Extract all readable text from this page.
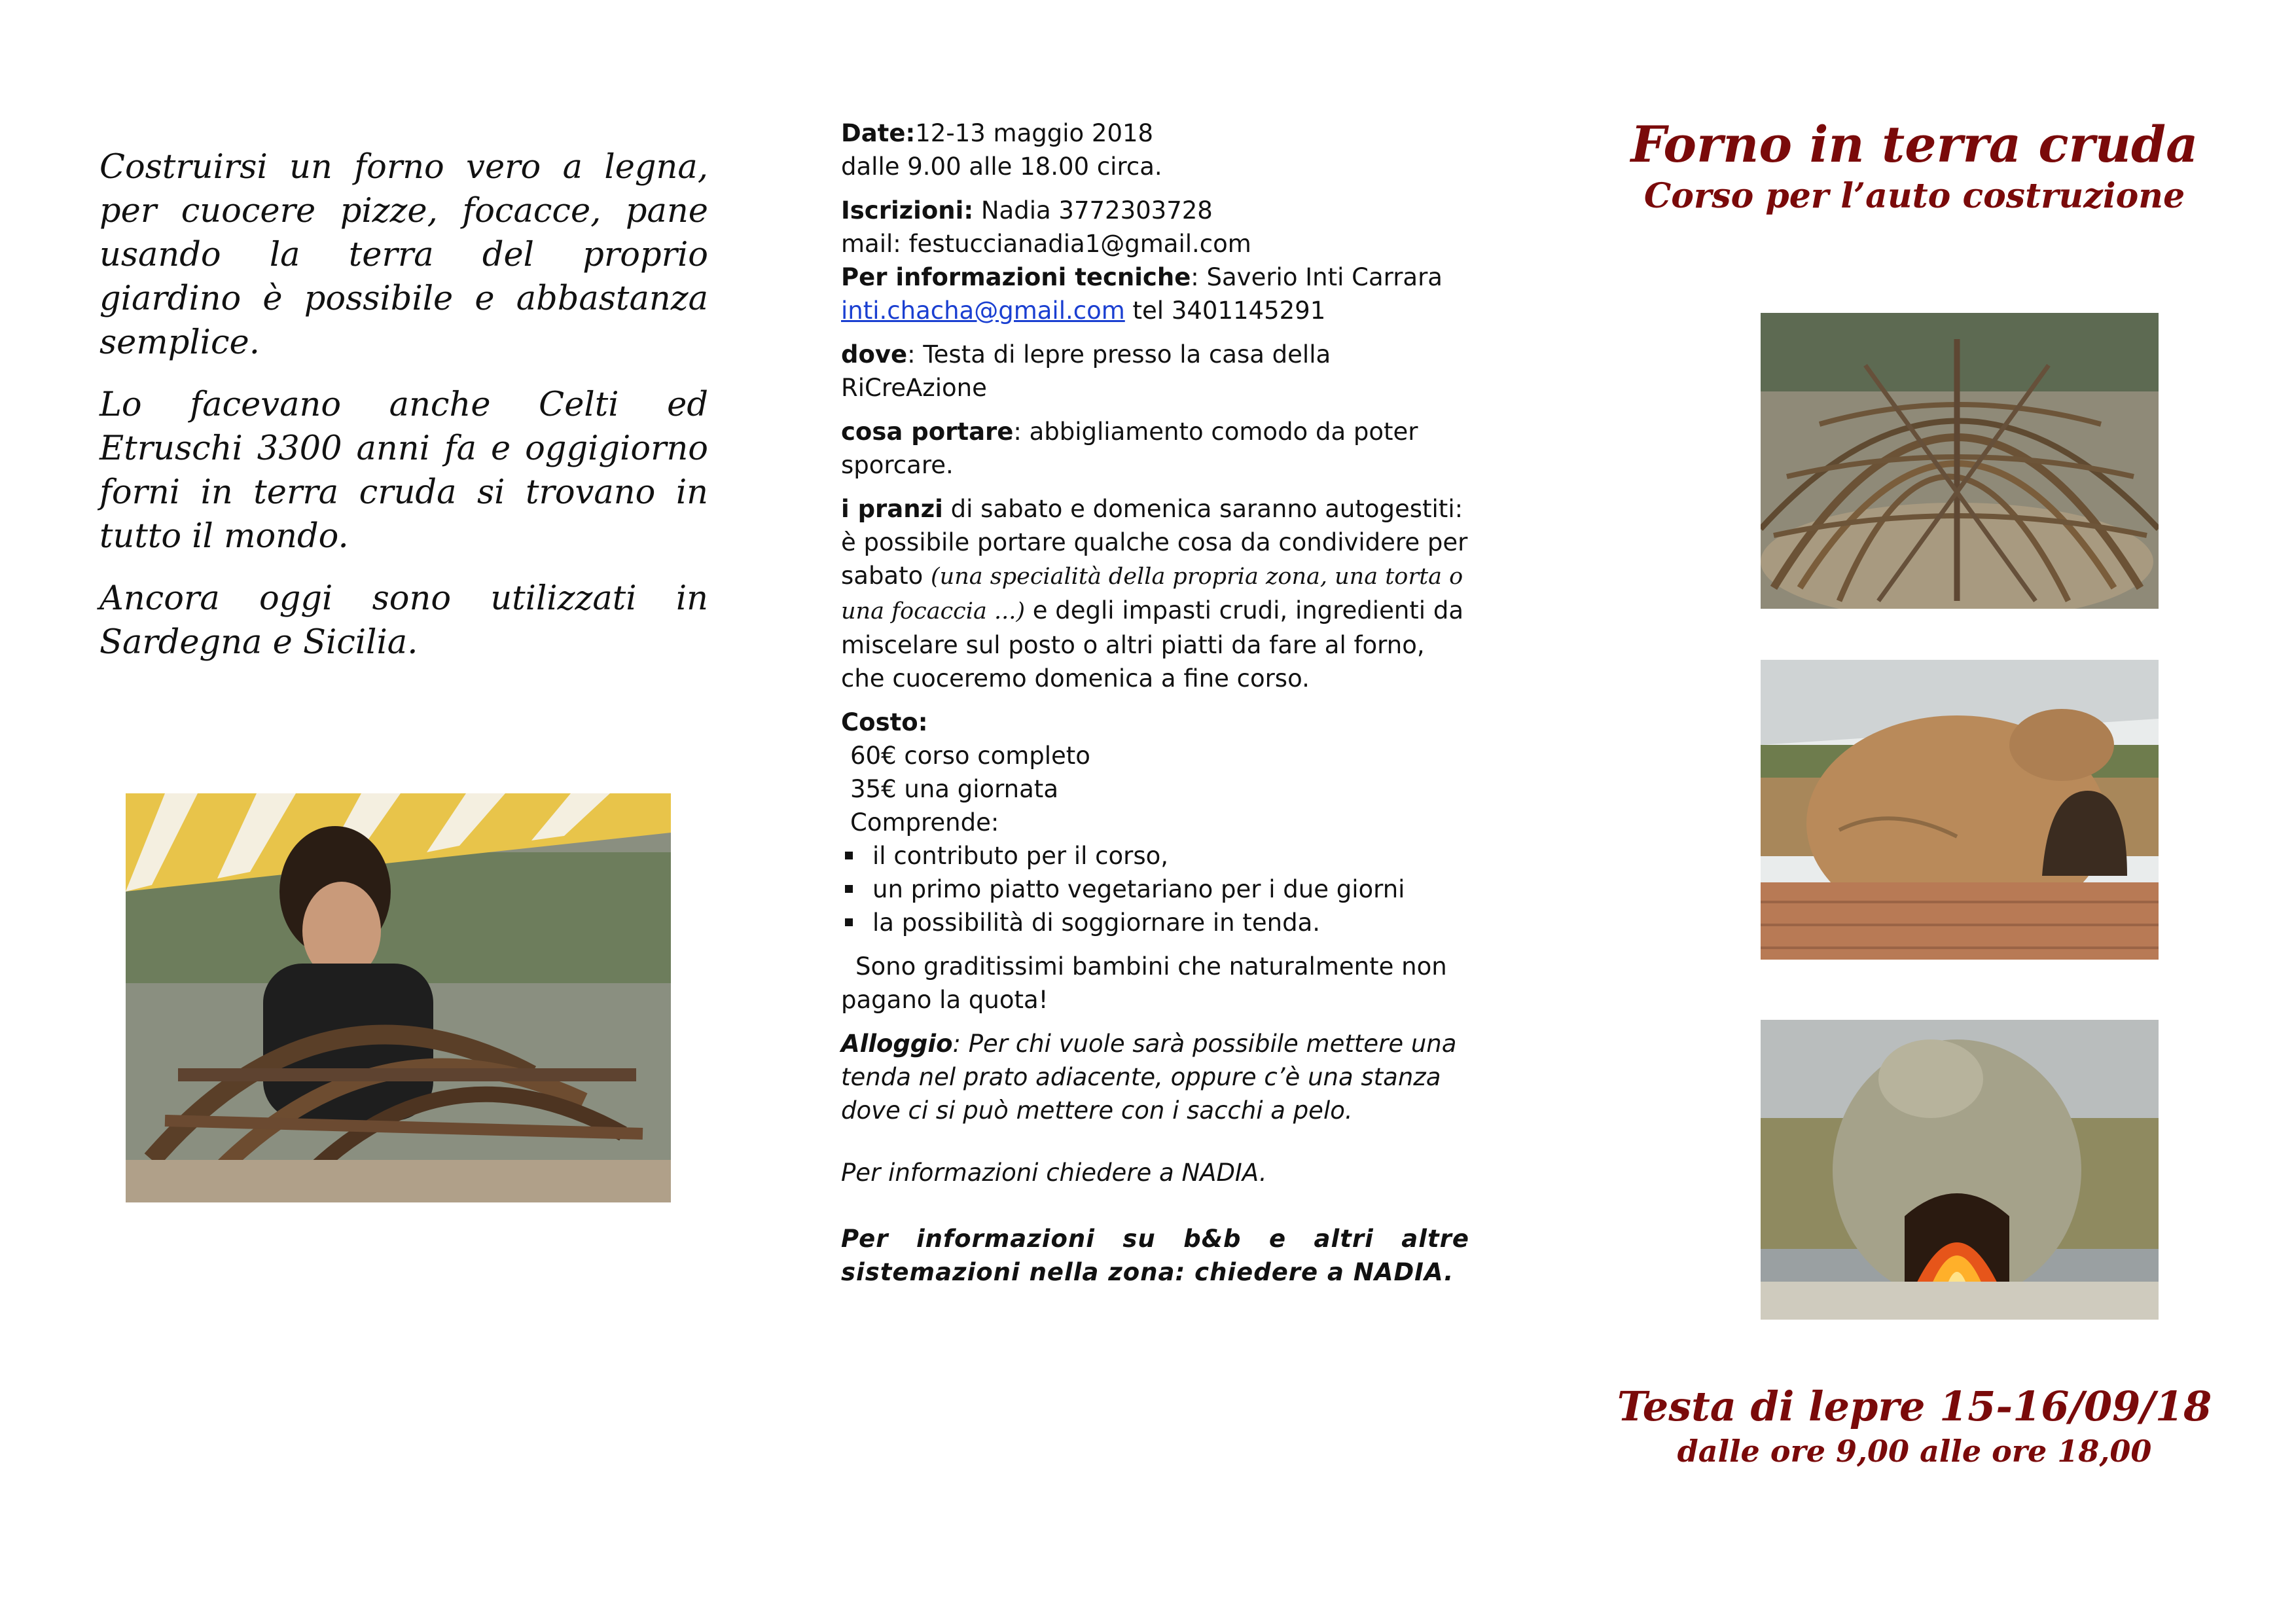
Costruirsi un forno vero a legna, per cuocere pizze, focacce, pane usando la terra del proprio giardino è possibile e abbastanza semplice.

Lo facevano anche Celti ed Etruschi 3300 anni fa e oggigiorno forni in terra cruda si trovano in tutto il mondo.

Ancora oggi sono utilizzati in Sardegna e Sicilia.

Date:12-13 maggio 2018
dalle 9.00 alle 18.00 circa.

Iscrizioni: Nadia 3772303728
mail: festuccianadia1@gmail.com
Per informazioni tecniche: Saverio Inti Carrara
inti.chacha@gmail.com tel 3401145291

dove: Testa di lepre presso la casa della RiCreAzione

cosa portare: abbigliamento comodo da poter sporcare.

i pranzi di sabato e domenica saranno autogestiti: è possibile portare qualche cosa da condividere per sabato (una specialità della propria zona, una torta o una focaccia ...) e degli impasti crudi, ingredienti da miscelare sul posto o altri piatti da fare al forno, che cuoceremo domenica a fine corso.

Costo:
60€ corso completo
35€ una giornata
Comprende:

il contributo per il corso,
un primo piatto vegetariano per i due giorni
la possibilità di soggiornare in tenda.

Sono graditissimi bambini che naturalmente non pagano la quota!

Alloggio: Per chi vuole sarà possibile mettere una tenda nel prato adiacente, oppure c’è una stanza dove ci si può mettere con i sacchi a pelo.

Per informazioni chiedere a NADIA.

Per informazioni su b&b e altri altre sistemazioni nella zona: chiedere a NADIA.

Forno in terra cruda
Corso per l’auto costruzione
Testa di lepre 15-16/09/18
dalle ore 9,00 alle ore 18,00
